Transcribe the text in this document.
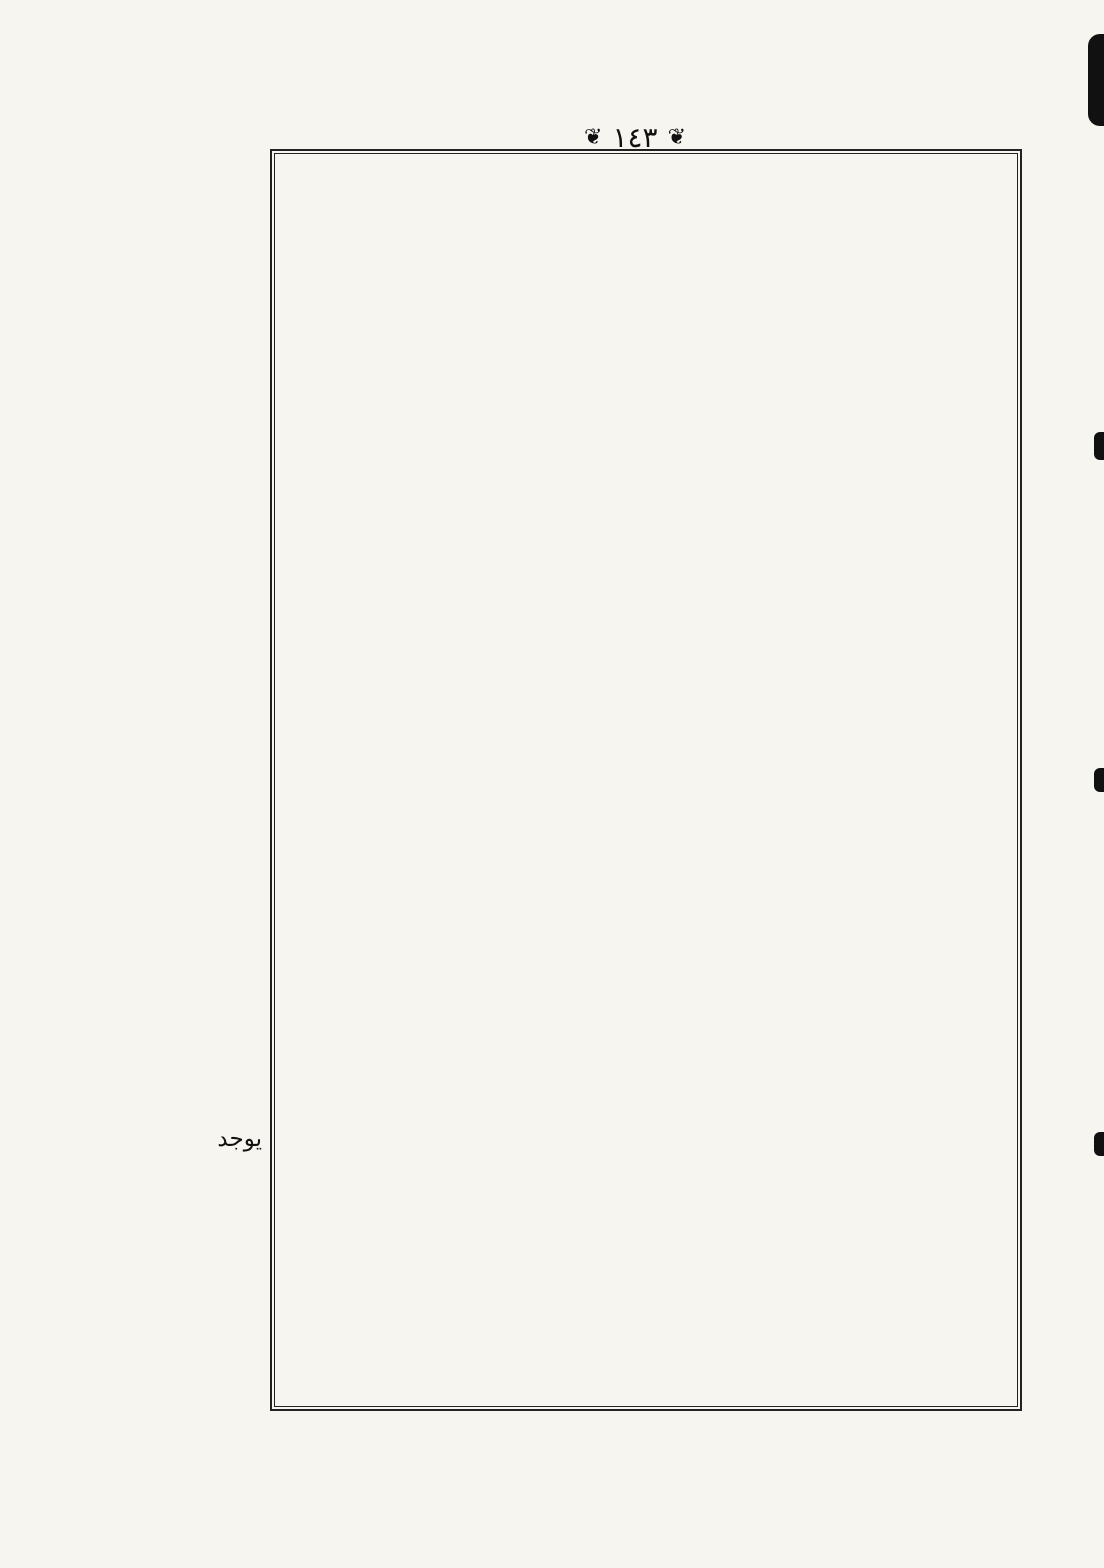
❦ ١٤٣ ❦
يوجد
